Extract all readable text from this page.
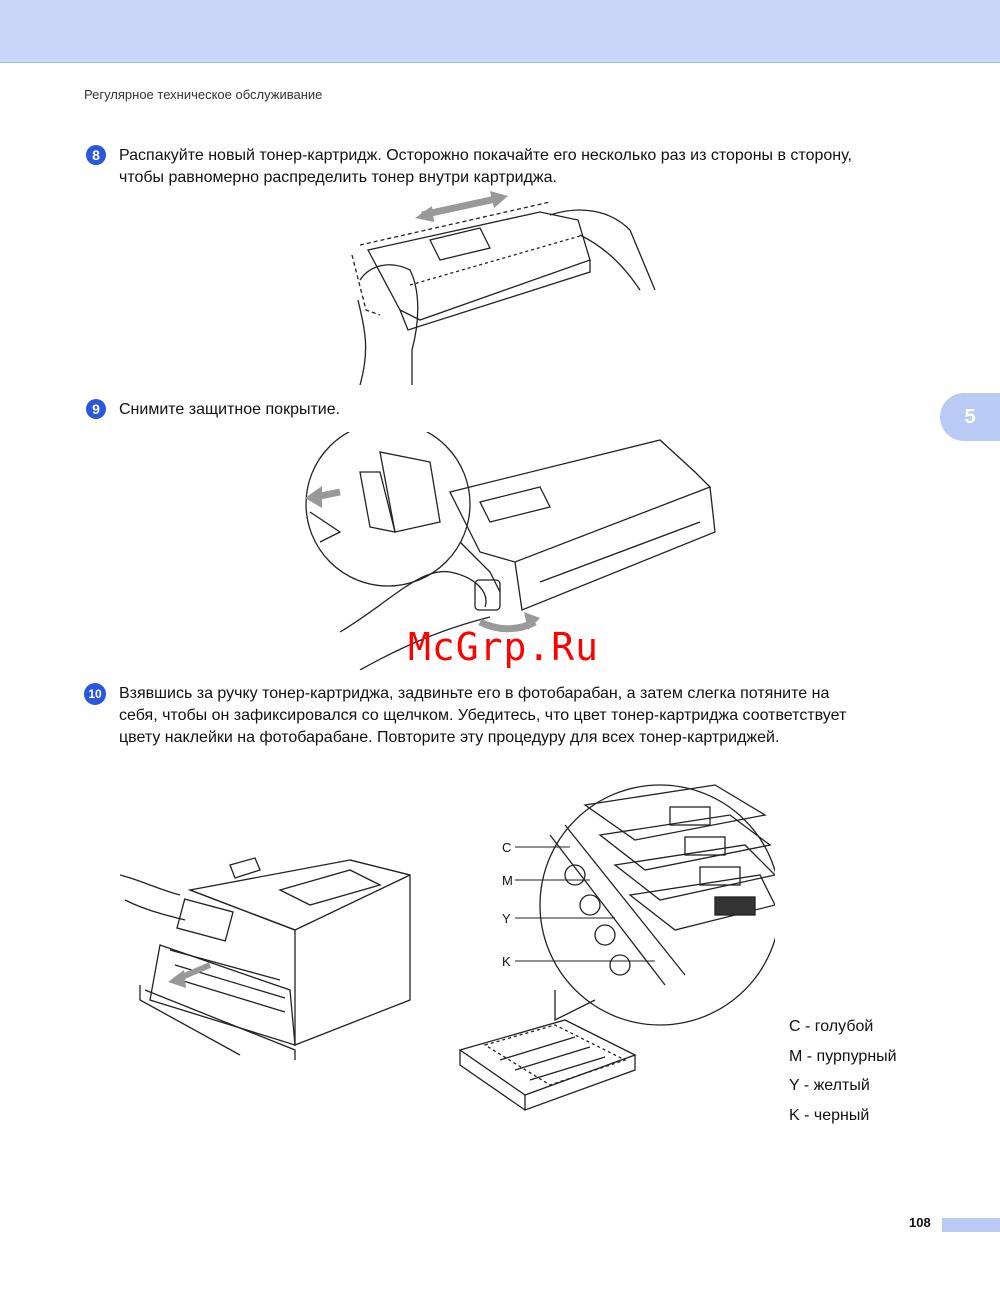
Регулярное техническое обслуживание
8	Распакуйте новый тонер-картридж. Осторожно покачайте его несколько раз из стороны в сторону,
чтобы равномерно распределить тонер внутри картриджа.
9	Снимите защитное покрытие.	5
McGrp.Ru
10 Взявшись за ручку тонер-картриджа, задвиньте его в фотобарабан, а затем слегка потяните на
себя, чтобы он зафиксировался со щелчком. Убедитесь, что цвет тонер-картриджа соответствует
цвету наклейки на фотобарабане. Повторите эту процедуру для всех тонер-картриджей.
C
M
Y
K
C - голубой
M - пурпурный
Y - желтый
K - черный
108
